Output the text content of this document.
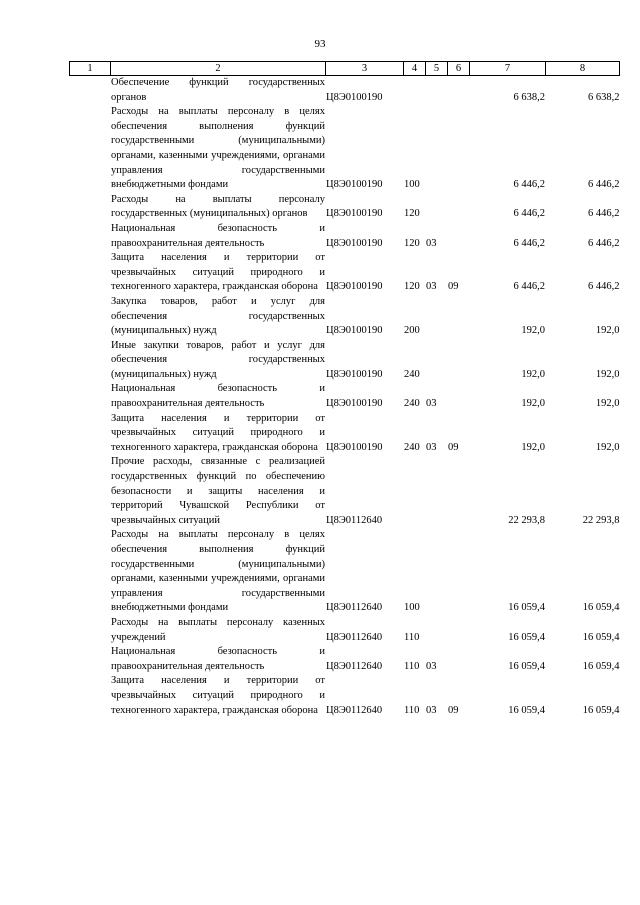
93
1	2	3	4	5	6	7	8

	Обеспечение функций государственных органов	Ц8Э0100190				6 638,2	6 638,2

	Расходы на выплаты персоналу в целях обеспечения выполнения функций государственными (муниципальными) органами, казенными учреждениями, органами управления государственными внебюджетными фондами	Ц8Э0100190	100			6 446,2	6 446,2

	Расходы на выплаты персоналу государственных (муниципальных) органов	Ц8Э0100190	120			6 446,2	6 446,2

	Национальная безопасность и правоохранительная деятельность	Ц8Э0100190	120	03		6 446,2	6 446,2

	Защита населения и территории от чрезвычайных ситуаций природного и техногенного характера, гражданская оборона	Ц8Э0100190	120	03	09	6 446,2	6 446,2

	Закупка товаров, работ и услуг для обеспечения государственных (муниципальных) нужд	Ц8Э0100190	200			192,0	192,0

	Иные закупки товаров, работ и услуг для обеспечения государственных (муниципальных) нужд	Ц8Э0100190	240			192,0	192,0

	Национальная безопасность и правоохранительная деятельность	Ц8Э0100190	240	03		192,0	192,0

	Защита населения и территории от чрезвычайных ситуаций природного и техногенного характера, гражданская оборона	Ц8Э0100190	240	03	09	192,0	192,0

	Прочие расходы, связанные с реализацией государственных функций по обеспечению безопасности и защиты населения и территорий Чувашской Республики от чрезвычайных ситуаций	Ц8Э0112640				22 293,8	22 293,8

	Расходы на выплаты персоналу в целях обеспечения выполнения функций государственными (муниципальными) органами, казенными учреждениями, органами управления государственными внебюджетными фондами	Ц8Э0112640	100			16 059,4	16 059,4

	Расходы на выплаты персоналу казенных учреждений	Ц8Э0112640	110			16 059,4	16 059,4

	Национальная безопасность и правоохранительная деятельность	Ц8Э0112640	110	03		16 059,4	16 059,4

	Защита населения и территории от чрезвычайных ситуаций природного и техногенного характера, гражданская оборона	Ц8Э0112640	110	03	09	16 059,4	16 059,4
